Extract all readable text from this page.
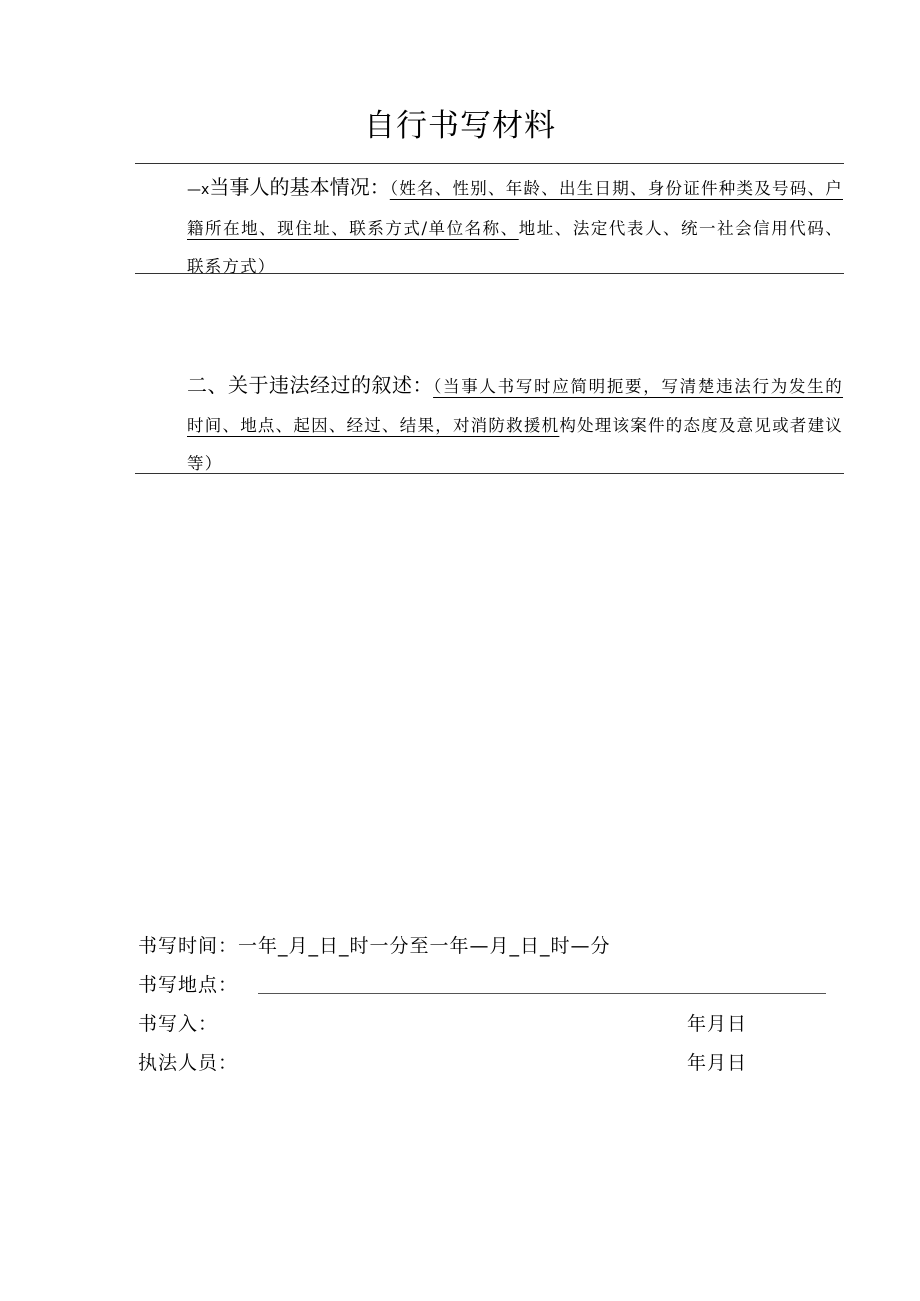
自行书写材料
—x当事人的基本情况：（姓名、性别、年龄、出生日期、身份证件种类及号码、户籍所在地、现住址、联系方式/单位名称、地址、法定代表人、统一社会信用代码、联系方式）
二、关于违法经过的叙述：（当事人书写时应简明扼要，写清楚违法行为发生的时间、地点、起因、经过、结果，对消防救援机构处理该案件的态度及意见或者建议等）
书写时间：一年_月_日_时一分至一年—月_日_时—分
书写地点：
书写入：	年月日
执法人员：	年月日
